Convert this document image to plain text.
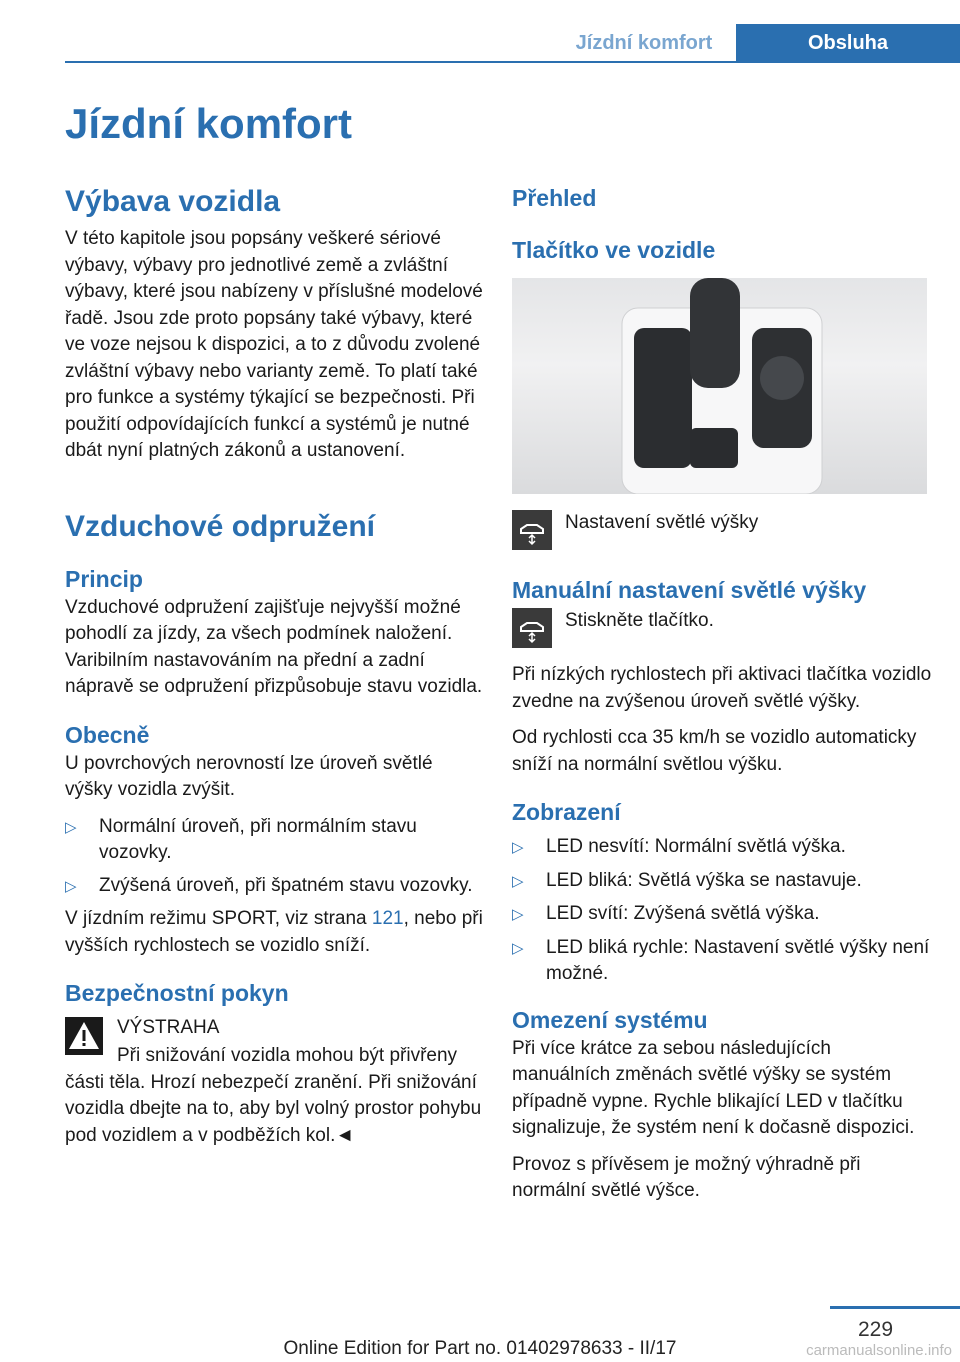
Jízdní komfort	Obsluha
Jízdní komfort
Výbava vozidla

V této kapitole jsou popsány veškeré sériové výbavy, výbavy pro jednotlivé země a zvláštní výbavy, které jsou nabízeny v příslušné modelové řadě. Jsou zde proto popsány také výbavy, které ve voze nejsou k dispozici, a to z důvodu zvolené zvláštní výbavy nebo varianty země. To platí také pro funkce a systémy týkající se bezpečnosti. Při použití odpovídajících funkcí a systémů je nutné dbát nyní platných zákonů a ustanovení.

Vzduchové odpružení
Princip

Vzduchové odpružení zajišťuje nejvyšší možné pohodlí za jízdy, za všech podmínek naložení. Varibilním nastavováním na přední a zadní nápravě se odpružení přizpůsobuje stavu vozidla.

Obecně

U povrchových nerovností lze úroveň světlé výšky vozidla zvýšit.

▷	Normální úroveň, při normálním stavu vozovky.
▷	Zvýšená úroveň, při špatném stavu vozovky.

V jízdním režimu SPORT, viz strana 121, nebo při vyšších rychlostech se vozidlo sníží.

Bezpečnostní pokyn
VÝSTRAHA

Při snižování vozidla mohou být přivřeny části těla. Hrozí nebezpečí zranění. Při snižování vozidla dbejte na to, aby byl volný prostor pohybu pod vozidlem a v podběžích kol.◄

Přehled
Tlačítko ve vozidle
Nastavení světlé výšky
Manuální nastavení světlé výšky
Stiskněte tlačítko.

Při nízkých rychlostech při aktivaci tlačítka vozidlo zvedne na zvýšenou úroveň světlé výšky.

Od rychlosti cca 35 km/h se vozidlo automaticky sníží na normální světlou výšku.

Zobrazení
▷	LED nesvítí: Normální světlá výška.
▷	LED bliká: Světlá výška se nastavuje.
▷	LED svítí: Zvýšená světlá výška.
▷	LED bliká rychle: Nastavení světlé výšky není možné.
Omezení systému

Při více krátce za sebou následujících manuálních změnách světlé výšky se systém případně vypne. Rychle blikající LED v tlačítku signalizuje, že systém není k dočasně dispozici.

Provoz s přívěsem je možný výhradně při normální světlé výšce.

229
Online Edition for Part no. 01402978633 - II/17	carmanualsonline.info
